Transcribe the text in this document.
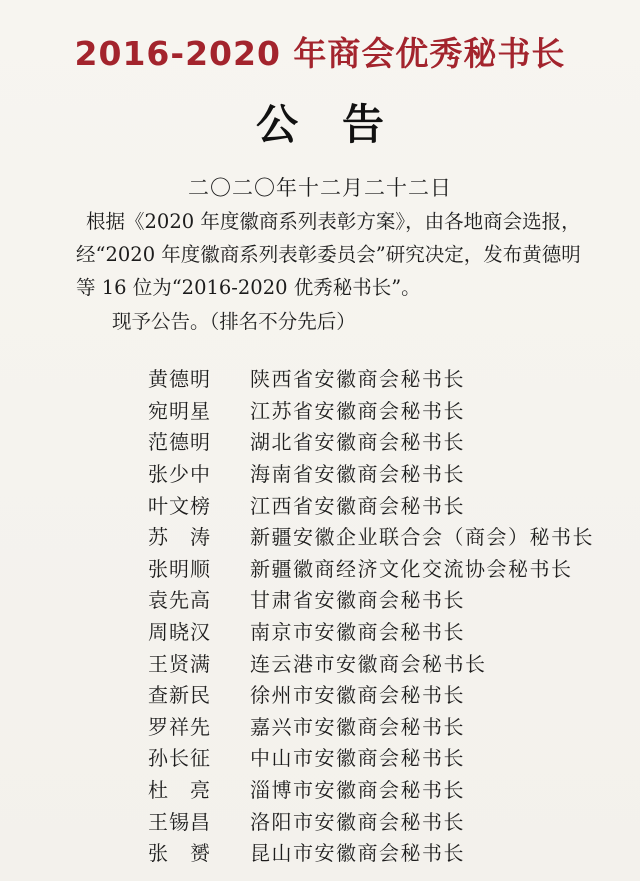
2016-2020 年商会优秀秘书长
公告
二〇二〇年十二月二十二日
根据《2020 年度徽商系列表彰方案》，由各地商会选报，
经“2020 年度徽商系列表彰委员会”研究决定，发布黄德明
等 16 位为“2016-2020 优秀秘书长”。
现予公告。（排名不分先后）
黄德明	陕西省安徽商会秘书长
宛明星	江苏省安徽商会秘书长
范德明	湖北省安徽商会秘书长
张少中	海南省安徽商会秘书长
叶文榜	江西省安徽商会秘书长
苏　涛	新疆安徽企业联合会（商会）秘书长
张明顺	新疆徽商经济文化交流协会秘书长
袁先高	甘肃省安徽商会秘书长
周晓汉	南京市安徽商会秘书长
王贤满	连云港市安徽商会秘书长
查新民	徐州市安徽商会秘书长
罗祥先	嘉兴市安徽商会秘书长
孙长征	中山市安徽商会秘书长
杜　亮	淄博市安徽商会秘书长
王锡昌	洛阳市安徽商会秘书长
张　赟	昆山市安徽商会秘书长
